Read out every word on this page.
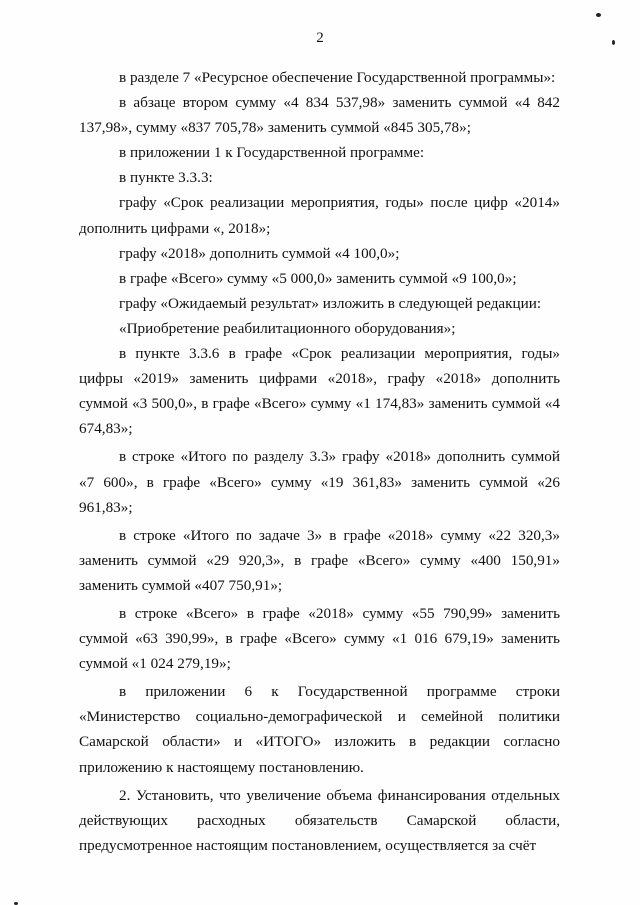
2

в разделе 7 «Ресурсное обеспечение Государственной программы»:

в абзаце втором сумму «4 834 537,98» заменить суммой «4 842 137,98», сумму «837 705,78» заменить суммой «845 305,78»;

в приложении 1 к Государственной программе:

в пункте 3.3.3:

графу «Срок реализации мероприятия, годы» после цифр «2014» дополнить цифрами «, 2018»;

графу «2018» дополнить суммой «4 100,0»;

в графе «Всего» сумму «5 000,0» заменить суммой «9 100,0»;

графу «Ожидаемый результат» изложить в следующей редакции:

«Приобретение реабилитационного оборудования»;

в пункте 3.3.6 в графе «Срок реализации мероприятия, годы» цифры «2019» заменить цифрами «2018», графу «2018» дополнить суммой «3 500,0», в графе «Всего» сумму «1 174,83» заменить суммой «4 674,83»;

в строке «Итого по разделу 3.3» графу «2018» дополнить суммой «7 600», в графе «Всего» сумму «19 361,83» заменить суммой «26 961,83»;

в строке «Итого по задаче 3» в графе «2018» сумму «22 320,3» заменить суммой «29 920,3», в графе «Всего» сумму «400 150,91» заменить суммой «407 750,91»;

в строке «Всего» в графе «2018» сумму «55 790,99» заменить суммой «63 390,99», в графе «Всего» сумму «1 016 679,19» заменить суммой «1 024 279,19»;

в приложении 6 к Государственной программе строки «Министерство социально-демографической и семейной политики Самарской области» и «ИТОГО» изложить в редакции согласно приложению к настоящему постановлению.

2. Установить, что увеличение объема финансирования отдельных действующих расходных обязательств Самарской области, предусмотренное настоящим постановлением, осуществляется за счёт
